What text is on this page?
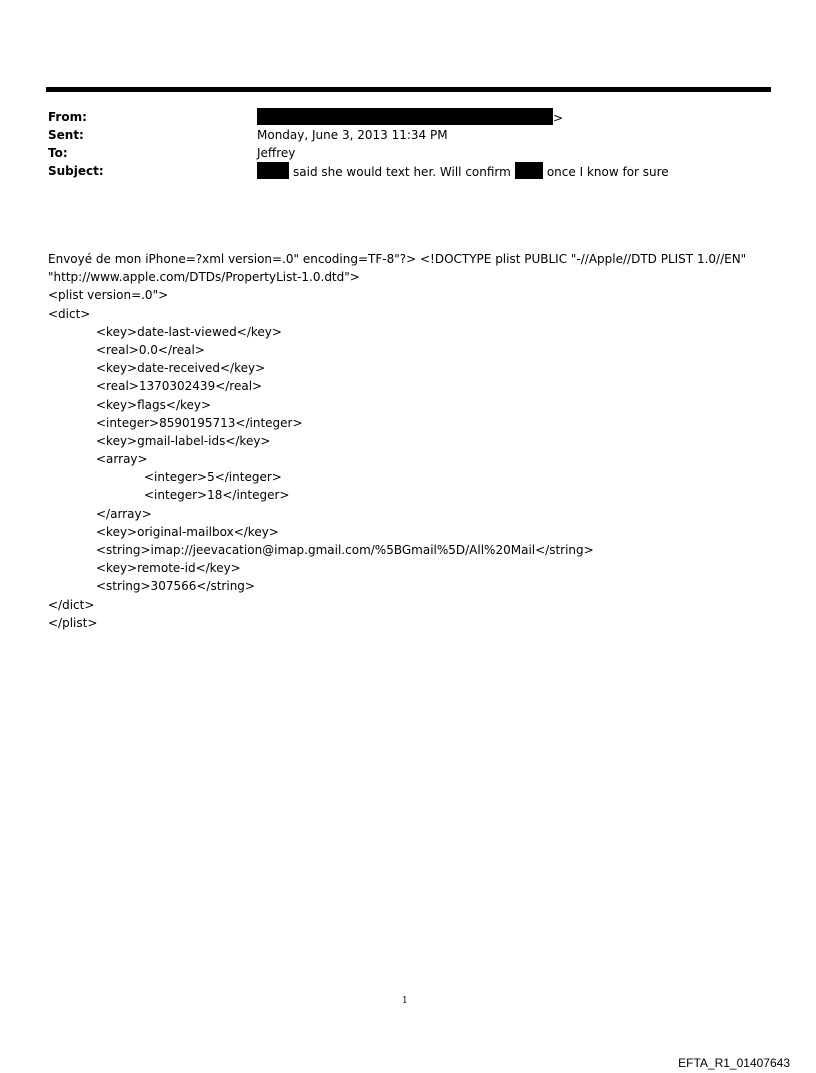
From:	>
Sent:	Monday, June 3, 2013 11:34 PM
To:	Jeffrey
Subject:	said she would text her. Will confirm	once I know for sure
Envoyé de mon iPhone=?xml version=.0" encoding=TF-8"?> <!DOCTYPE plist PUBLIC "-//Apple//DTD PLIST 1.0//EN"
"http://www.apple.com/DTDs/PropertyList-1.0.dtd">
<plist version=.0">
<dict>
<key>date-last-viewed</key>
<real>0.0</real>
<key>date-received</key>
<real>1370302439</real>
<key>flags</key>
<integer>8590195713</integer>
<key>gmail-label-ids</key>
<array>
<integer>5</integer>
<integer>18</integer>
</array>
<key>original-mailbox</key>
<string>imap://jeevacation@imap.gmail.com/%5BGmail%5D/All%20Mail</string>
<key>remote-id</key>
<string>307566</string>
</dict>
</plist>
1
EFTA_R1_01407643
